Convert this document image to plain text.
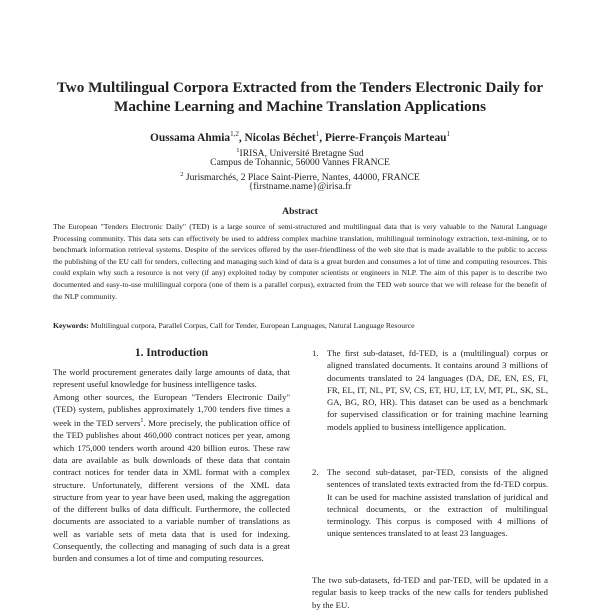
Two Multilingual Corpora Extracted from the Tenders Electronic Daily for
Machine Learning and Machine Translation Applications
Oussama Ahmia$^{1,2}$, Nicolas Béchet$^1$, Pierre-François Marteau$^1$
$^1$IRISA, Université Bretagne Sud
Campus de Tohannic, 56000 Vannes FRANCE
$^2$ Jurismarchés, 2 Place Saint-Pierre, Nantes, 44000, FRANCE
{firstname.name}@irisa.fr
Abstract
The European "Tenders Electronic Daily" (TED) is a large source of semi-structured and multilingual data that is very valuable to the Natural Language Processing community. This data sets can effectively be used to address complex machine translation, multilingual terminology extraction, text-mining, or to benchmark information retrieval systems. Despite of the services offered by the user-friendliness of the web site that is made available to the public to access the publishing of the EU call for tenders, collecting and managing such kind of data is a great burden and consumes a lot of time and computing resources. This could explain why such a resource is not very (if any) exploited today by computer scientists or engineers in NLP. The aim of this paper is to describe two documented and easy-to-use multilingual corpora (one of them is a parallel corpus), extracted from the TED web source that we will release for the benefit of the NLP community.
Keywords: Multilingual corpora, Parallel Corpus, Call for Tender, European Languages, Natural Language Resource
1. Introduction

The world procurement generates daily large amounts of data, that represent useful knowledge for business intelligence tasks.

Among other sources, the European "Tenders Electronic Daily" (TED) system, publishes approximately 1,700 tenders five times a week in the TED servers$^1$. More precisely, the publication office of the TED publishes about 460,000 contract notices per year, among which 175,000 tenders worth around 420 billion euros. These raw data are available as bulk downloads of these data that contain contract notices for tender data in XML format with a complex structure. Unfortunately, different versions of the XML data structure from year to year have been used, making the aggregation of the different bulks of data difficult. Furthermore, the collected documents are associated to a variable number of translations as well as variable sets of meta data that is used for indexing. Consequently, the collecting and managing of such data is a great burden and consumes a lot of time and computing resources.

1. The first sub-dataset, fd-TED, is a (multilingual) corpus or aligned translated documents. It contains around 3 millions of documents translated to 24 languages (DA, DE, EN, ES, FI, FR, EL, IT, NL, PT, SV, CS, ET, HU, LT, LV, MT, PL, SK, SL, GA, BG, RO, HR). This dataset can be used as a benchmark for supervised classification or for training machine learning models applied to business intelligence application.
2. The second sub-dataset, par-TED, consists of the aligned sentences of translated texts extracted from the fd-TED corpus. It can be used for machine assisted translation of juridical and technical documents, or the extraction of multilingual terminology. This corpus is composed with 4 millions of unique sentences translated to at least 23 languages.
The two sub-datasets, fd-TED and par-TED, will be updated in a regular basis to keep tracks of the new calls for tenders published by the EU.
